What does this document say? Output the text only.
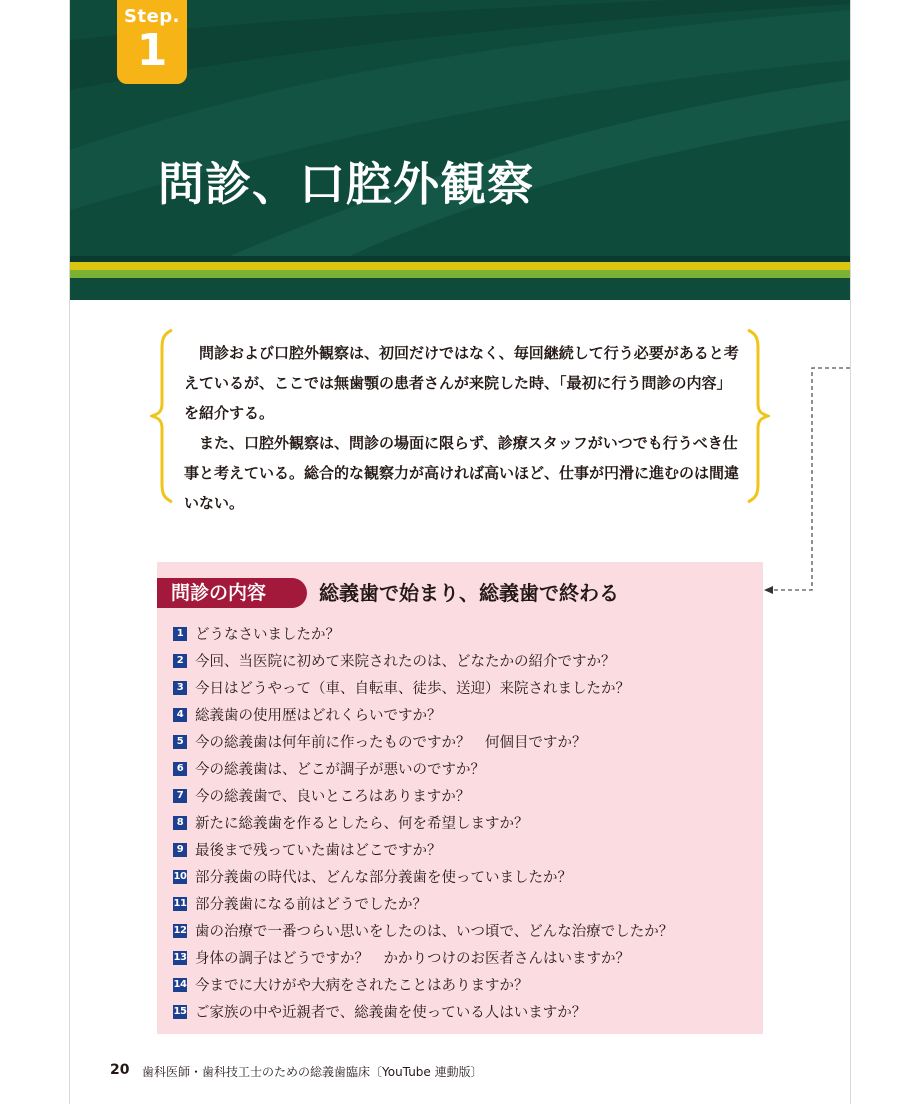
Step.
1
問診、口腔外観察

問診および口腔外観察は、初回だけではなく、毎回継続して行う必要があると考えているが、ここでは無歯顎の患者さんが来院した時、「最初に行う問診の内容」を紹介する。

また、口腔外観察は、問診の場面に限らず、診療スタッフがいつでも行うべき仕事と考えている。総合的な観察力が高ければ高いほど、仕事が円滑に進むのは間違いない。

問診の内容	総義歯で始まり、総義歯で終わる
1 どうなさいましたか？
2 今回、当医院に初めて来院されたのは、どなたかの紹介ですか？
3 今日はどうやって（車、自転車、徒歩、送迎）来院されましたか？
4 総義歯の使用歴はどれくらいですか？
5 今の総義歯は何年前に作ったものですか？　何個目ですか？
6 今の総義歯は、どこが調子が悪いのですか？
7 今の総義歯で、良いところはありますか？
8 新たに総義歯を作るとしたら、何を希望しますか？
9 最後まで残っていた歯はどこですか？
10 部分義歯の時代は、どんな部分義歯を使っていましたか？
11 部分義歯になる前はどうでしたか？
12 歯の治療で一番つらい思いをしたのは、いつ頃で、どんな治療でしたか？
13 身体の調子はどうですか？　かかりつけのお医者さんはいますか？
14 今までに大けがや大病をされたことはありますか？
15 ご家族の中や近親者で、総義歯を使っている人はいますか？
20 歯科医師・歯科技工士のための総義歯臨床〔YouTube 連動版〕
